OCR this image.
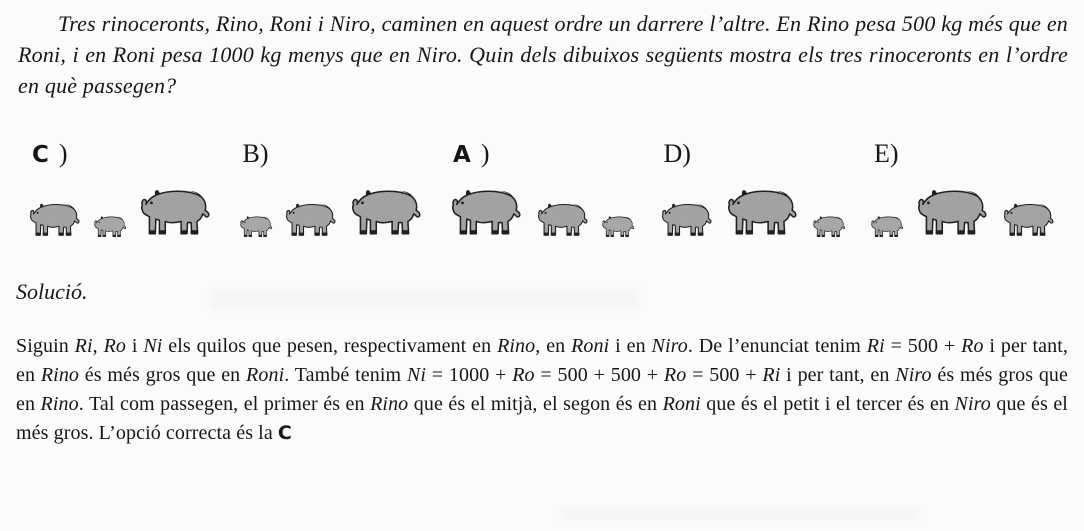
Tres rinoceronts, Rino, Roni i Niro, caminen en aquest ordre un darrere l’altre. En Rino pesa 500 kg més que en Roni, i en Roni pesa 1000 kg menys que en Niro. Quin dels dibuixos següents mostra els tres rinoceronts en l’ordre en què passegen?

C )	B)	A )	D)	E)

Solució.

Siguin Ri, Ro i Ni els quilos que pesen, respectivament en Rino, en Roni i en Niro. De l’enunciat tenim Ri = 500 + Ro i per tant, en Rino és més gros que en Roni. També tenim Ni = 1000 + Ro = 500 + 500 + Ro = 500 + Ri i per tant, en Niro és més gros que en Rino. Tal com passegen, el primer és en Rino que és el mitjà, el segon és en Roni que és el petit i el tercer és en Niro que és el més gros. L’opció correcta és la C
